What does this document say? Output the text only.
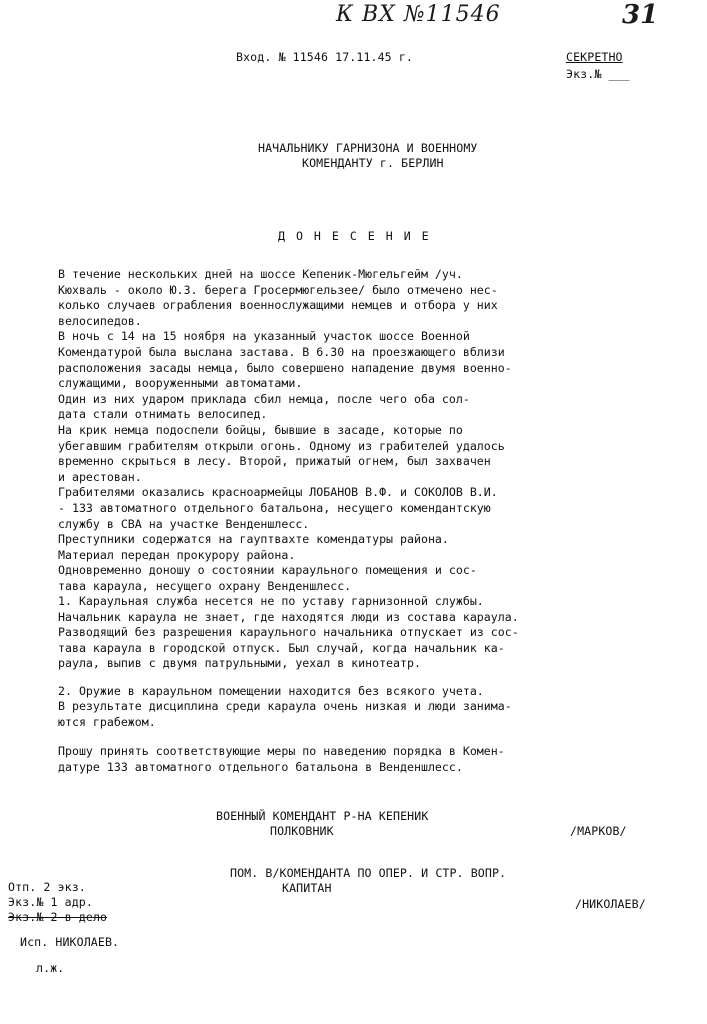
К ВХ №11546	31
Вход. № 11546 17.11.45 г.	СЕКРЕТНО
Экз.№ ___
НАЧАЛЬНИКУ ГАРНИЗОНА И ВОЕННОМУ
КОМЕНДАНТУ г. БЕРЛИН
Д О Н Е С Е Н И Е
В течение нескольких дней на шоссе Кепеник-Мюгельгейм /уч.
Кюхваль - около Ю.З. берега Гросермюгельзее/ было отмечено нес-
колько случаев ограбления военнослужащими немцев и отбора у них
велосипедов.
В ночь с 14 на 15 ноября на указанный участок шоссе Военной
Комендатурой была выслана застава. В 6.30 на проезжающего вблизи
расположения засады немца, было совершено нападение двумя военно-
служащими, вооруженными автоматами.
Один из них ударом приклада сбил немца, после чего оба сол-
дата стали отнимать велосипед.
На крик немца подоспели бойцы, бывшие в засаде, которые по
убегавшим грабителям открыли огонь. Одному из грабителей удалось
временно скрыться в лесу. Второй, прижатый огнем, был захвачен
и арестован.
Грабителями оказались красноармейцы ЛОБАНОВ В.Ф. и СОКОЛОВ В.И.
- 133 автоматного отдельного батальона, несущего комендантскую
службу в СВА на участке Венденшлесс.
Преступники содержатся на гауптвахте комендатуры района.
Материал передан прокурору района.
Одновременно доношу о состоянии караульного помещения и сос-
тава караула, несущего охрану Венденшлесс.
1. Караульная служба несется не по уставу гарнизонной службы.
Начальник караула не знает, где находятся люди из состава караула.
Разводящий без разрешения караульного начальника отпускает из сос-
тава караула в городской отпуск. Был случай, когда начальник ка-
раула, выпив с двумя патрульными, уехал в кинотеатр.
2. Оружие в караульном помещении находится без всякого учета.
В результате дисциплина среди караула очень низкая и люди занима-
ются грабежом.
Прошу принять соответствующие меры по наведению порядка в Комен-
датуре 133 автоматного отдельного батальона в Венденшлесс.
ВОЕННЫЙ КОМЕНДАНТ Р-НА КЕПЕНИК
ПОЛКОВНИК	/МАРКОВ/
ПОМ. В/КОМЕНДАНТА ПО ОПЕР. И СТР. ВОПР.
КАПИТАН
/НИКОЛАЕВ/
Отп. 2 экз.
Экз.№ 1 адр.
Экз.№ 2 в дело
Исп. НИКОЛАЕВ.
л.ж.
